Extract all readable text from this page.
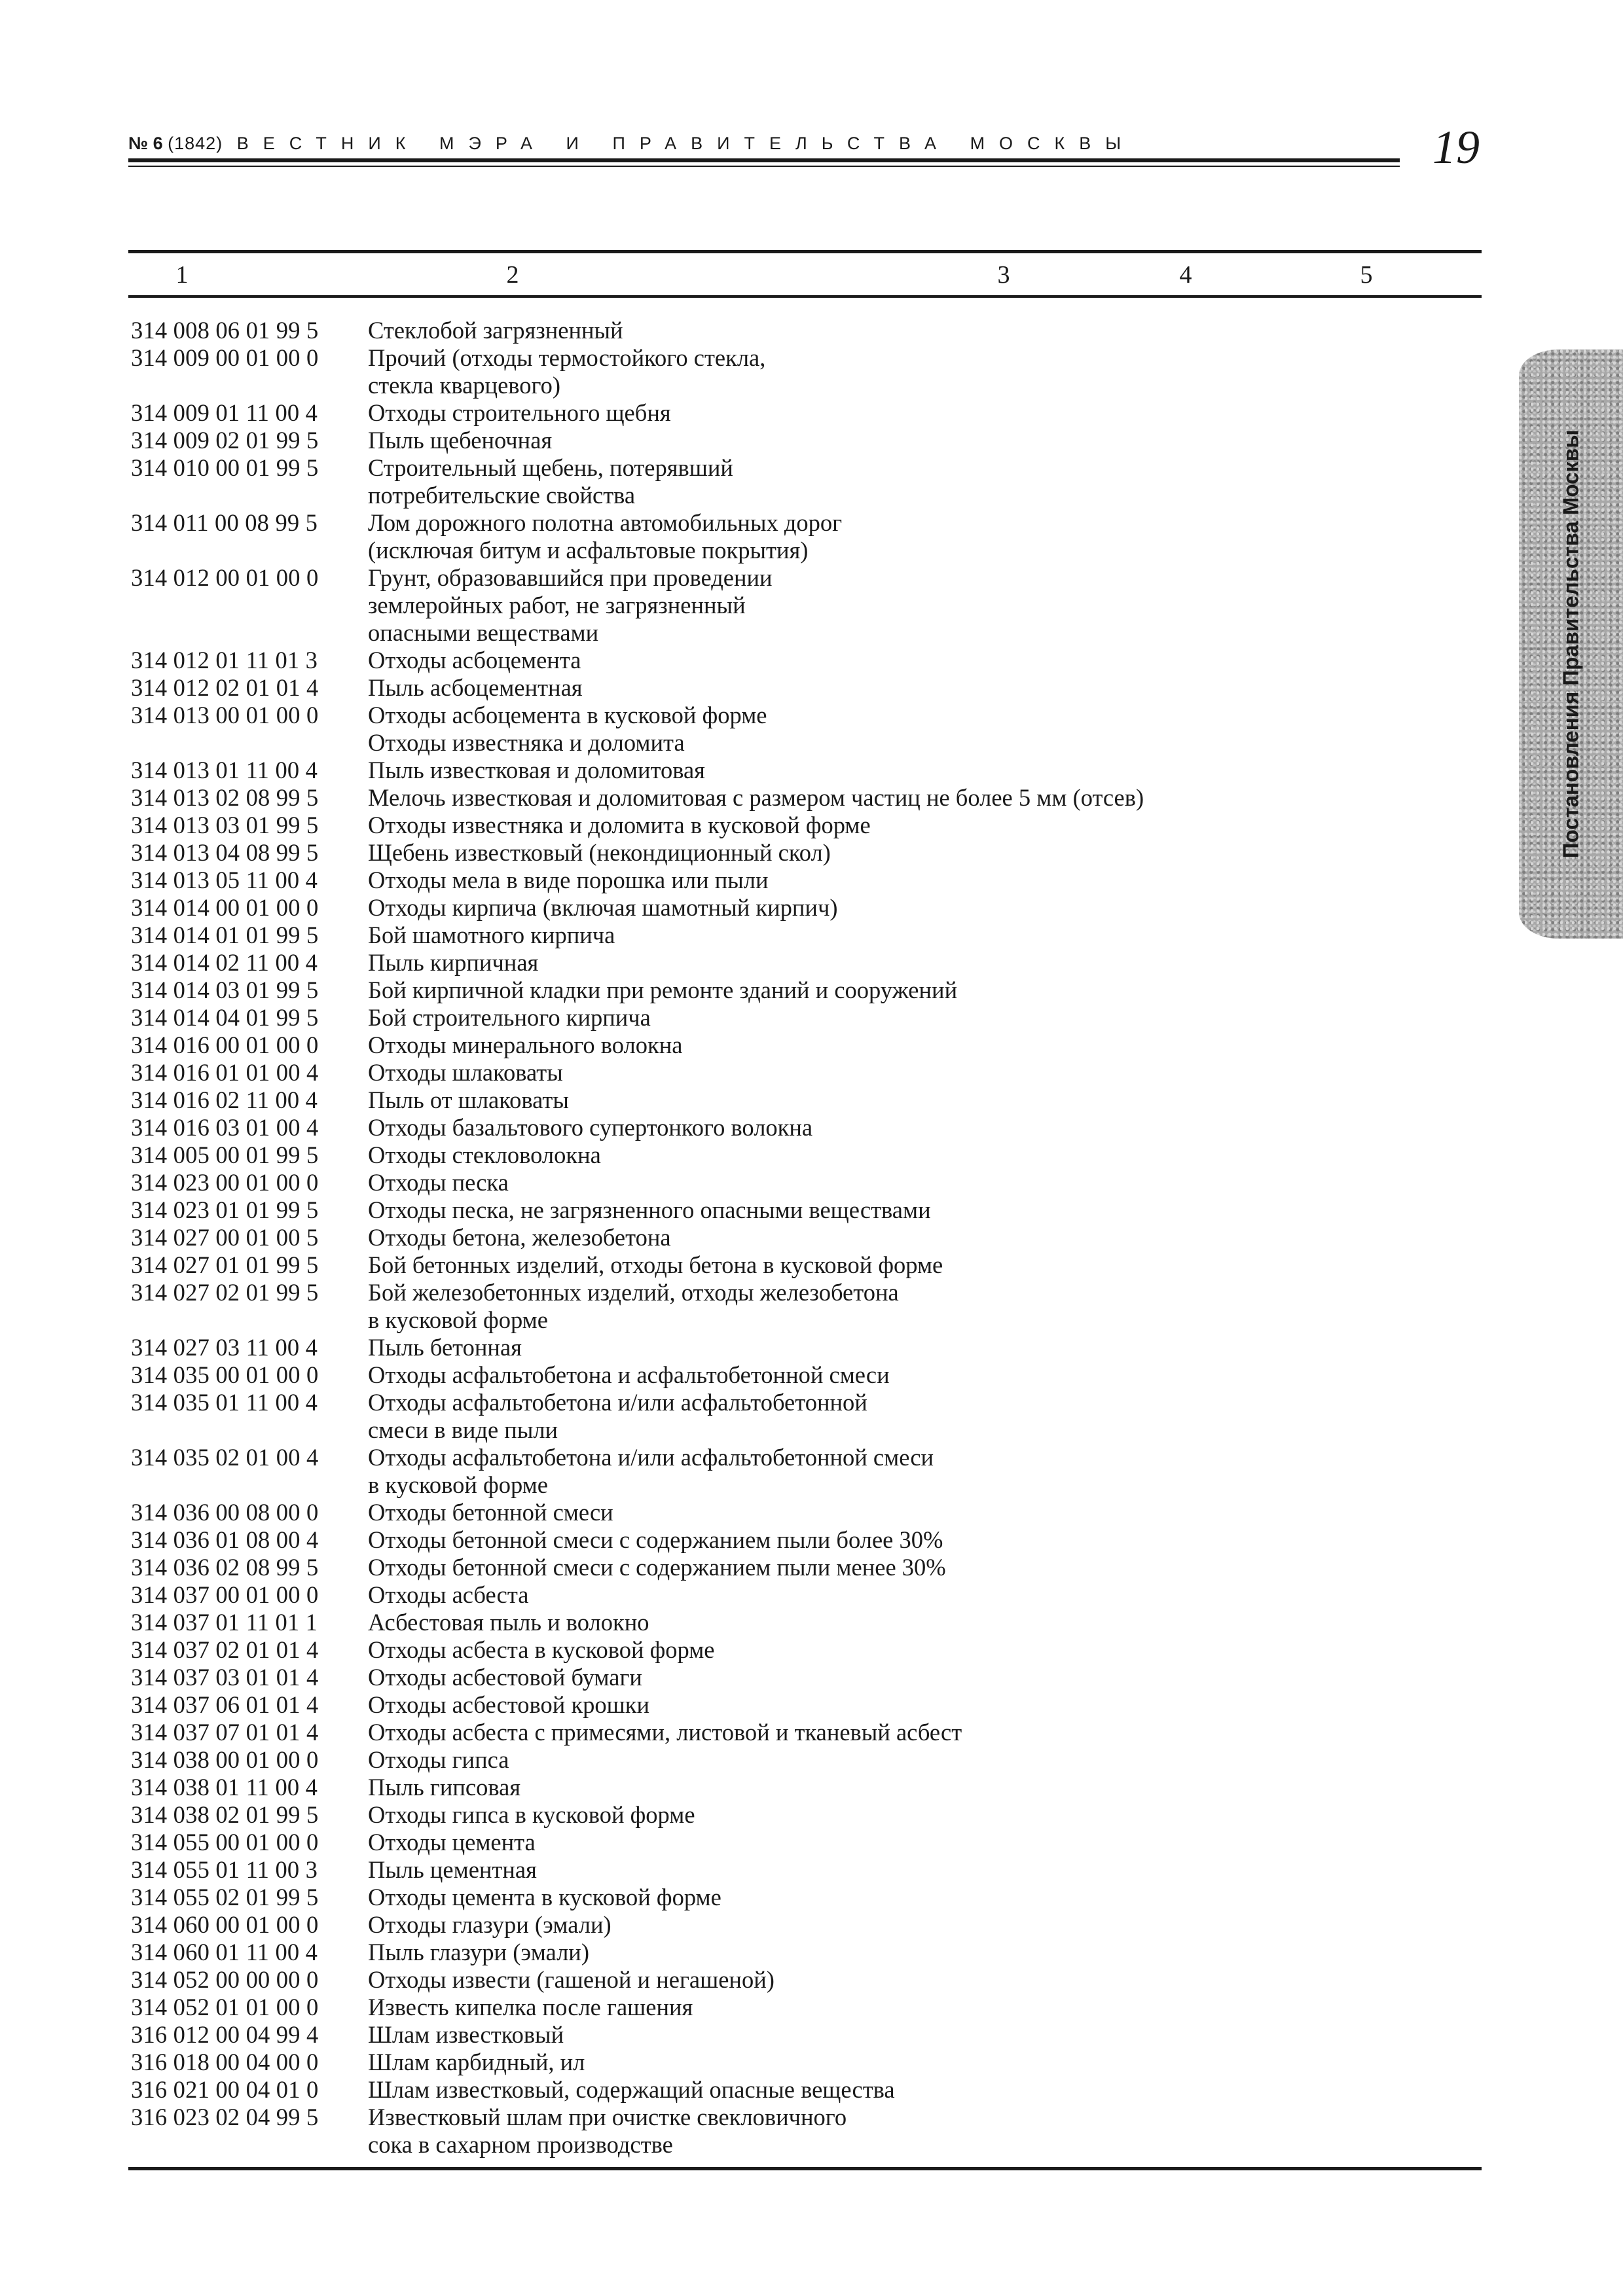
№ 6 (1842) ВЕСТНИК МЭРА И ПРАВИТЕЛЬСТВА МОСКВЫ	19
1	2	3	4	5
314 008 06 01 99 5	Стеклобой загрязненный
314 009 00 01 00 0	Прочий (отходы термостойкого стекла,
стекла кварцевого)
314 009 01 11 00 4	Отходы строительного щебня
314 009 02 01 99 5	Пыль щебеночная
314 010 00 01 99 5	Строительный щебень, потерявший
потребительские свойства
314 011 00 08 99 5	Лом дорожного полотна автомобильных дорог
(исключая битум и асфальтовые покрытия)
314 012 00 01 00 0	Грунт, образовавшийся при проведении
землеройных работ, не загрязненный
опасными веществами
314 012 01 11 01 3	Отходы асбоцемента
314 012 02 01 01 4	Пыль асбоцементная
314 013 00 01 00 0	Отходы асбоцемента в кусковой форме
Отходы известняка и доломита
314 013 01 11 00 4	Пыль известковая и доломитовая
314 013 02 08 99 5	Мелочь известковая и доломитовая с размером частиц не более 5 мм (отсев)
314 013 03 01 99 5	Отходы известняка и доломита в кусковой форме
314 013 04 08 99 5	Щебень известковый (некондиционный скол)
314 013 05 11 00 4	Отходы мела в виде порошка или пыли
314 014 00 01 00 0	Отходы кирпича (включая шамотный кирпич)
314 014 01 01 99 5	Бой шамотного кирпича
314 014 02 11 00 4	Пыль кирпичная
314 014 03 01 99 5	Бой кирпичной кладки при ремонте зданий и сооружений
314 014 04 01 99 5	Бой строительного кирпича
314 016 00 01 00 0	Отходы минерального волокна
314 016 01 01 00 4	Отходы шлаковаты
314 016 02 11 00 4	Пыль от шлаковаты
314 016 03 01 00 4	Отходы базальтового супертонкого волокна
314 005 00 01 99 5	Отходы стекловолокна
314 023 00 01 00 0	Отходы песка
314 023 01 01 99 5	Отходы песка, не загрязненного опасными веществами
314 027 00 01 00 5	Отходы бетона, железобетона
314 027 01 01 99 5	Бой бетонных изделий, отходы бетона в кусковой форме
314 027 02 01 99 5	Бой железобетонных изделий, отходы железобетона
в кусковой форме
314 027 03 11 00 4	Пыль бетонная
314 035 00 01 00 0	Отходы асфальтобетона и асфальтобетонной смеси
314 035 01 11 00 4	Отходы асфальтобетона и/или асфальтобетонной
смеси в виде пыли
314 035 02 01 00 4	Отходы асфальтобетона и/или асфальтобетонной смеси
в кусковой форме
314 036 00 08 00 0	Отходы бетонной смеси
314 036 01 08 00 4	Отходы бетонной смеси с содержанием пыли более 30%
314 036 02 08 99 5	Отходы бетонной смеси с содержанием пыли менее 30%
314 037 00 01 00 0	Отходы асбеста
314 037 01 11 01 1	Асбестовая пыль и волокно
314 037 02 01 01 4	Отходы асбеста в кусковой форме
314 037 03 01 01 4	Отходы асбестовой бумаги
314 037 06 01 01 4	Отходы асбестовой крошки
314 037 07 01 01 4	Отходы асбеста с примесями, листовой и тканевый асбест
314 038 00 01 00 0	Отходы гипса
314 038 01 11 00 4	Пыль гипсовая
314 038 02 01 99 5	Отходы гипса в кусковой форме
314 055 00 01 00 0	Отходы цемента
314 055 01 11 00 3	Пыль цементная
314 055 02 01 99 5	Отходы цемента в кусковой форме
314 060 00 01 00 0	Отходы глазури (эмали)
314 060 01 11 00 4	Пыль глазури (эмали)
314 052 00 00 00 0	Отходы извести (гашеной и негашеной)
314 052 01 01 00 0	Известь кипелка после гашения
316 012 00 04 99 4	Шлам известковый
316 018 00 04 00 0	Шлам карбидный, ил
316 021 00 04 01 0	Шлам известковый, содержащий опасные вещества
316 023 02 04 99 5	Известковый шлам при очистке свекловичного
сока в сахарном производстве
Постановления Правительства Москвы
